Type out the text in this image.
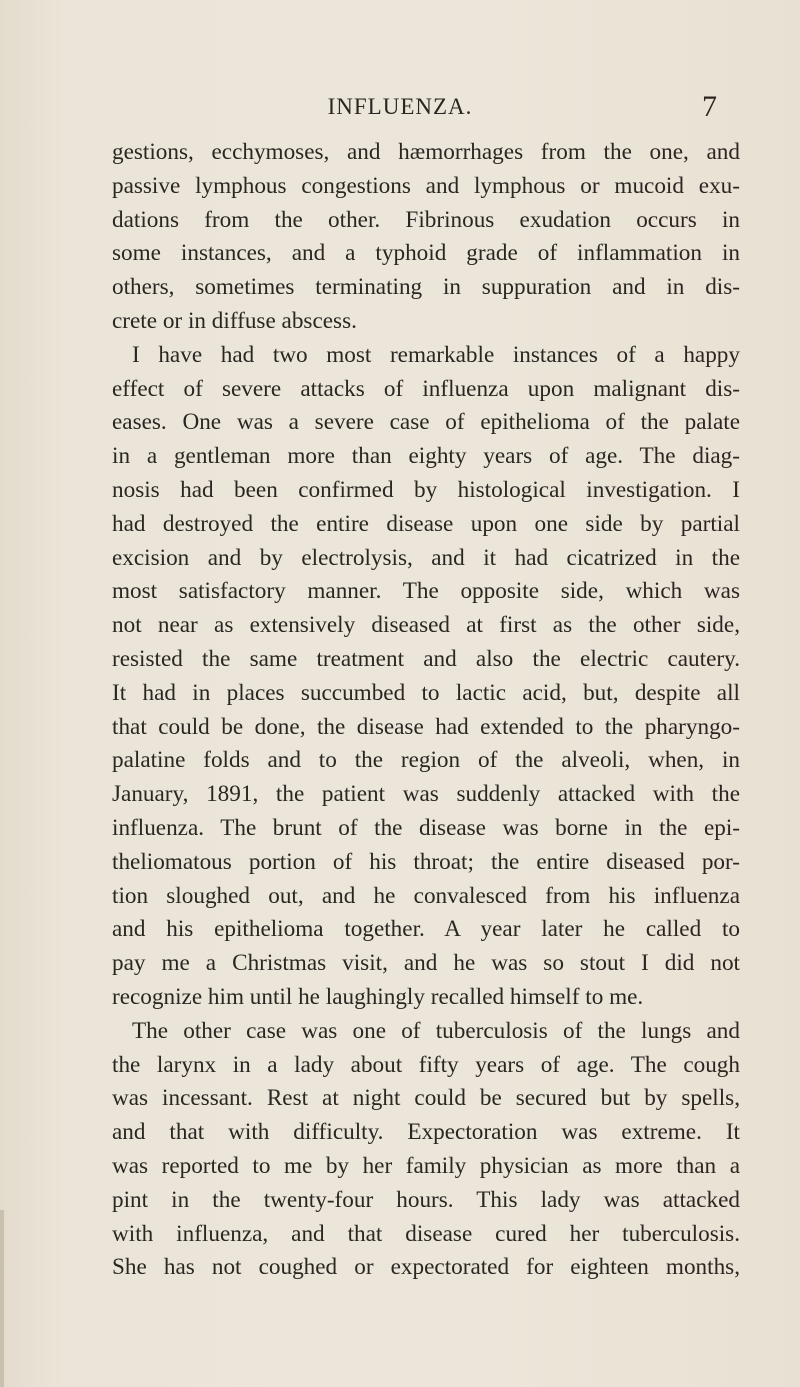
INFLUENZA.	7
gestions, ecchymoses, and hæmorrhages from the one, and
passive lymphous congestions and lymphous or mucoid exu-
dations from the other. Fibrinous exudation occurs in
some instances, and a typhoid grade of inflammation in
others, sometimes terminating in suppuration and in dis-
crete or in diffuse abscess.
I have had two most remarkable instances of a happy
effect of severe attacks of influenza upon malignant dis-
eases. One was a severe case of epithelioma of the palate
in a gentleman more than eighty years of age. The diag-
nosis had been confirmed by histological investigation. I
had destroyed the entire disease upon one side by partial
excision and by electrolysis, and it had cicatrized in the
most satisfactory manner. The opposite side, which was
not near as extensively diseased at first as the other side,
resisted the same treatment and also the electric cautery.
It had in places succumbed to lactic acid, but, despite all
that could be done, the disease had extended to the pharyngo-
palatine folds and to the region of the alveoli, when, in
January, 1891, the patient was suddenly attacked with the
influenza. The brunt of the disease was borne in the epi-
theliomatous portion of his throat; the entire diseased por-
tion sloughed out, and he convalesced from his influenza
and his epithelioma together. A year later he called to
pay me a Christmas visit, and he was so stout I did not
recognize him until he laughingly recalled himself to me.
The other case was one of tuberculosis of the lungs and
the larynx in a lady about fifty years of age. The cough
was incessant. Rest at night could be secured but by spells,
and that with difficulty. Expectoration was extreme. It
was reported to me by her family physician as more than a
pint in the twenty-four hours. This lady was attacked
with influenza, and that disease cured her tuberculosis.
She has not coughed or expectorated for eighteen months,
